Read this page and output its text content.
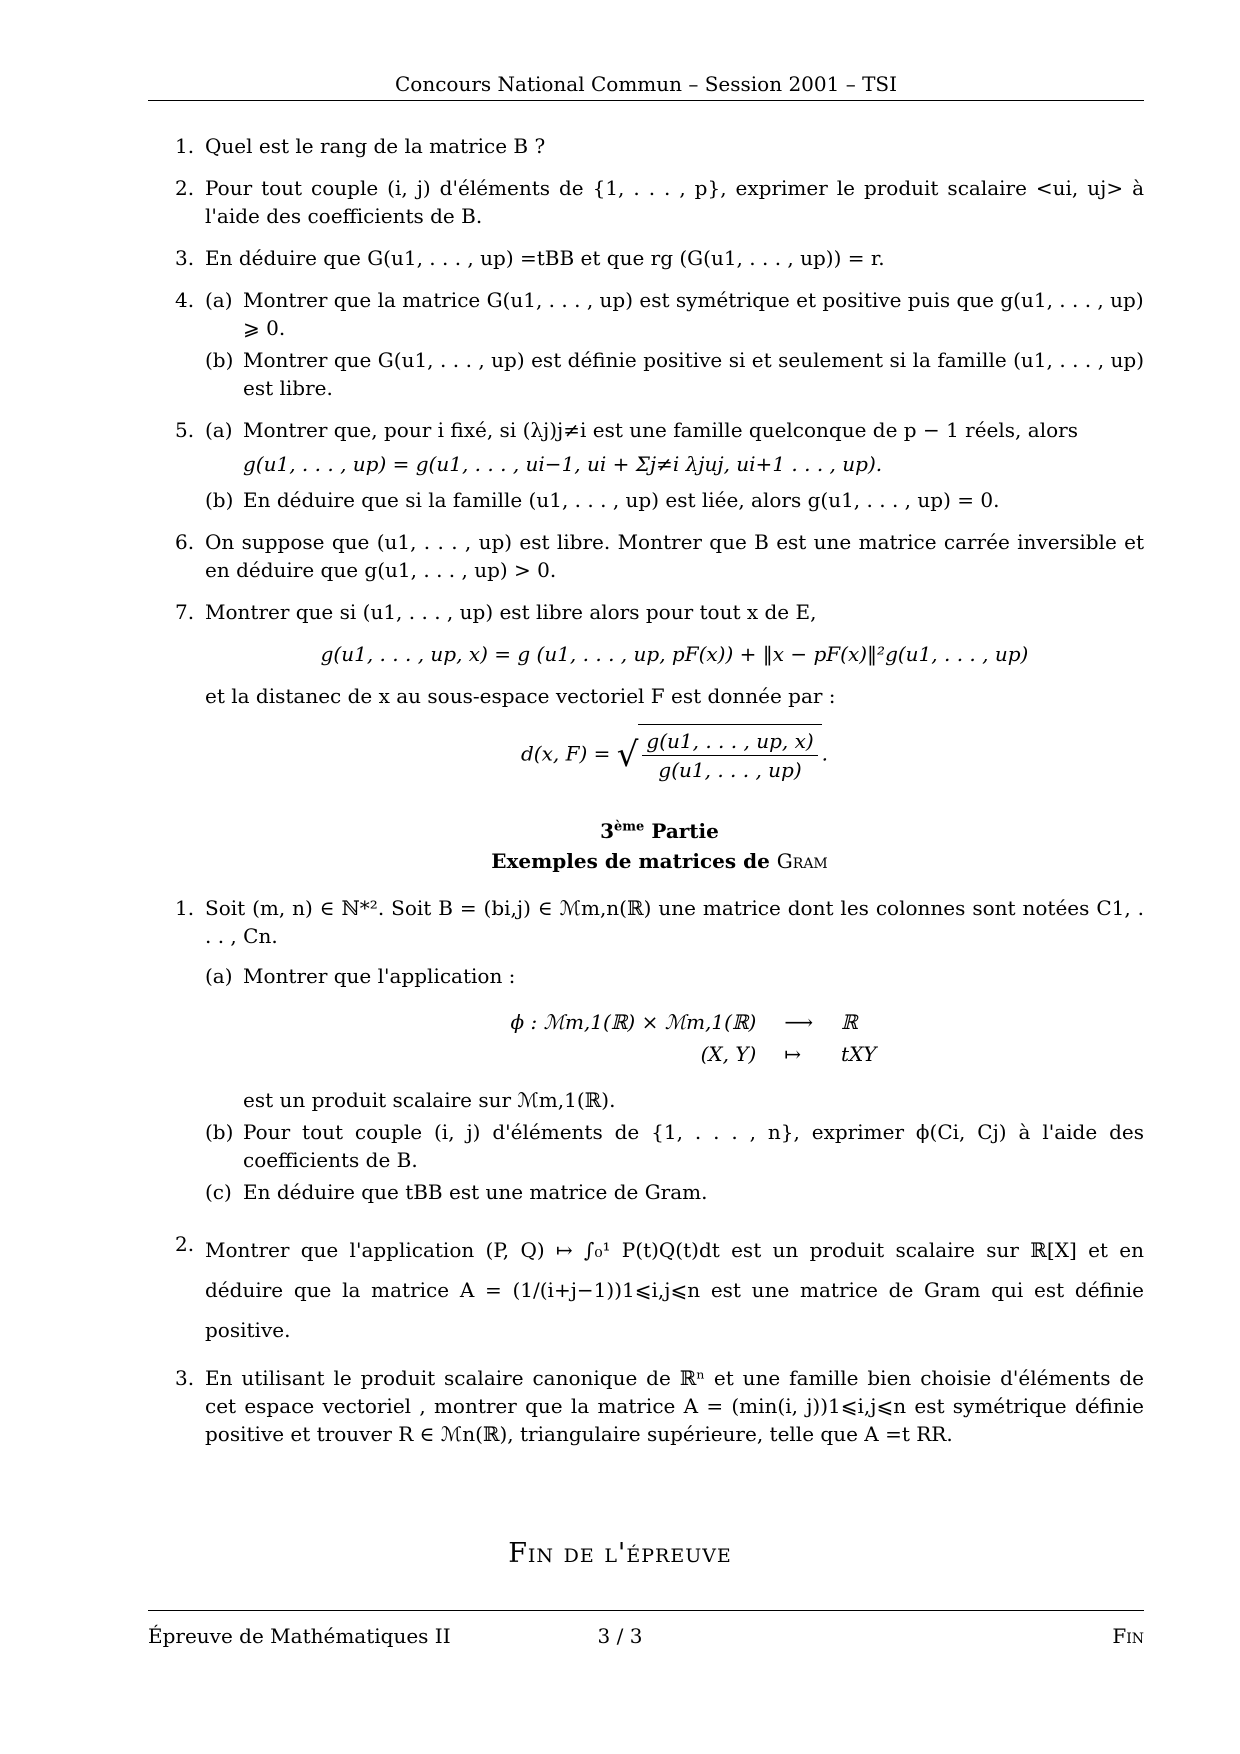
Concours National Commun – Session 2001 – TSI
1. Quel est le rang de la matrice B ?
2. Pour tout couple (i, j) d'éléments de {1, . . . , p}, exprimer le produit scalaire <ui, uj> à l'aide des coefficients de B.
3. En déduire que G(u1, . . . , up) =tBB et que rg (G(u1, . . . , up)) = r.
4. (a) Montrer que la matrice G(u1, . . . , up) est symétrique et positive puis que g(u1, . . . , up) ⩾ 0.
(b) Montrer que G(u1, . . . , up) est définie positive si et seulement si la famille (u1, . . . , up) est libre.
5. (a) Montrer que, pour i fixé, si (λj)j≠i est une famille quelconque de p − 1 réels, alors
g(u1, . . . , up) = g(u1, . . . , ui−1, ui + Σj≠i λjuj, ui+1 . . . , up).
(b) En déduire que si la famille (u1, . . . , up) est liée, alors g(u1, . . . , up) = 0.
6. On suppose que (u1, . . . , up) est libre. Montrer que B est une matrice carrée inversible et en déduire que g(u1, . . . , up) > 0.
7. Montrer que si (u1, . . . , up) est libre alors pour tout x de E,
g(u1, . . . , up, x) = g (u1, . . . , up, pF(x)) + ‖x − pF(x)‖²g(u1, . . . , up)
et la distanec de x au sous-espace vectoriel F est donnée par :
d(x, F) = √ $\frac{g(u1, . . . , up, x)}{g(u1, . . . , up)}$ .
3ème Partie
Exemples de matrices de Gram
1. Soit (m, n) ∈ ℕ*². Soit B = (bi,j) ∈ ℳm,n(ℝ) une matrice dont les colonnes sont notées C1, . . . , Cn.
(a) Montrer que l'application :
ϕ : ℳm,1(ℝ) × ℳm,1(ℝ)	⟶	ℝ
(X, Y)	↦	tXY
est un produit scalaire sur ℳm,1(ℝ).
(b) Pour tout couple (i, j) d'éléments de {1, . . . , n}, exprimer ϕ(Ci, Cj) à l'aide des coefficients de B.
(c) En déduire que tBB est une matrice de Gram.
2. Montrer que l'application (P, Q) ↦ ∫₀¹ P(t)Q(t)dt est un produit scalaire sur ℝ[X] et en déduire que la matrice A = (1/(i+j−1))1⩽i,j⩽n est une matrice de Gram qui est définie positive.
3. En utilisant le produit scalaire canonique de ℝⁿ et une famille bien choisie d'éléments de cet espace vectoriel , montrer que la matrice A = (min(i, j))1⩽i,j⩽n est symétrique définie positive et trouver R ∈ ℳn(ℝ), triangulaire supérieure, telle que A =t RR.
Fin de l'épreuve
Épreuve de Mathématiques II	3 / 3	Fin
